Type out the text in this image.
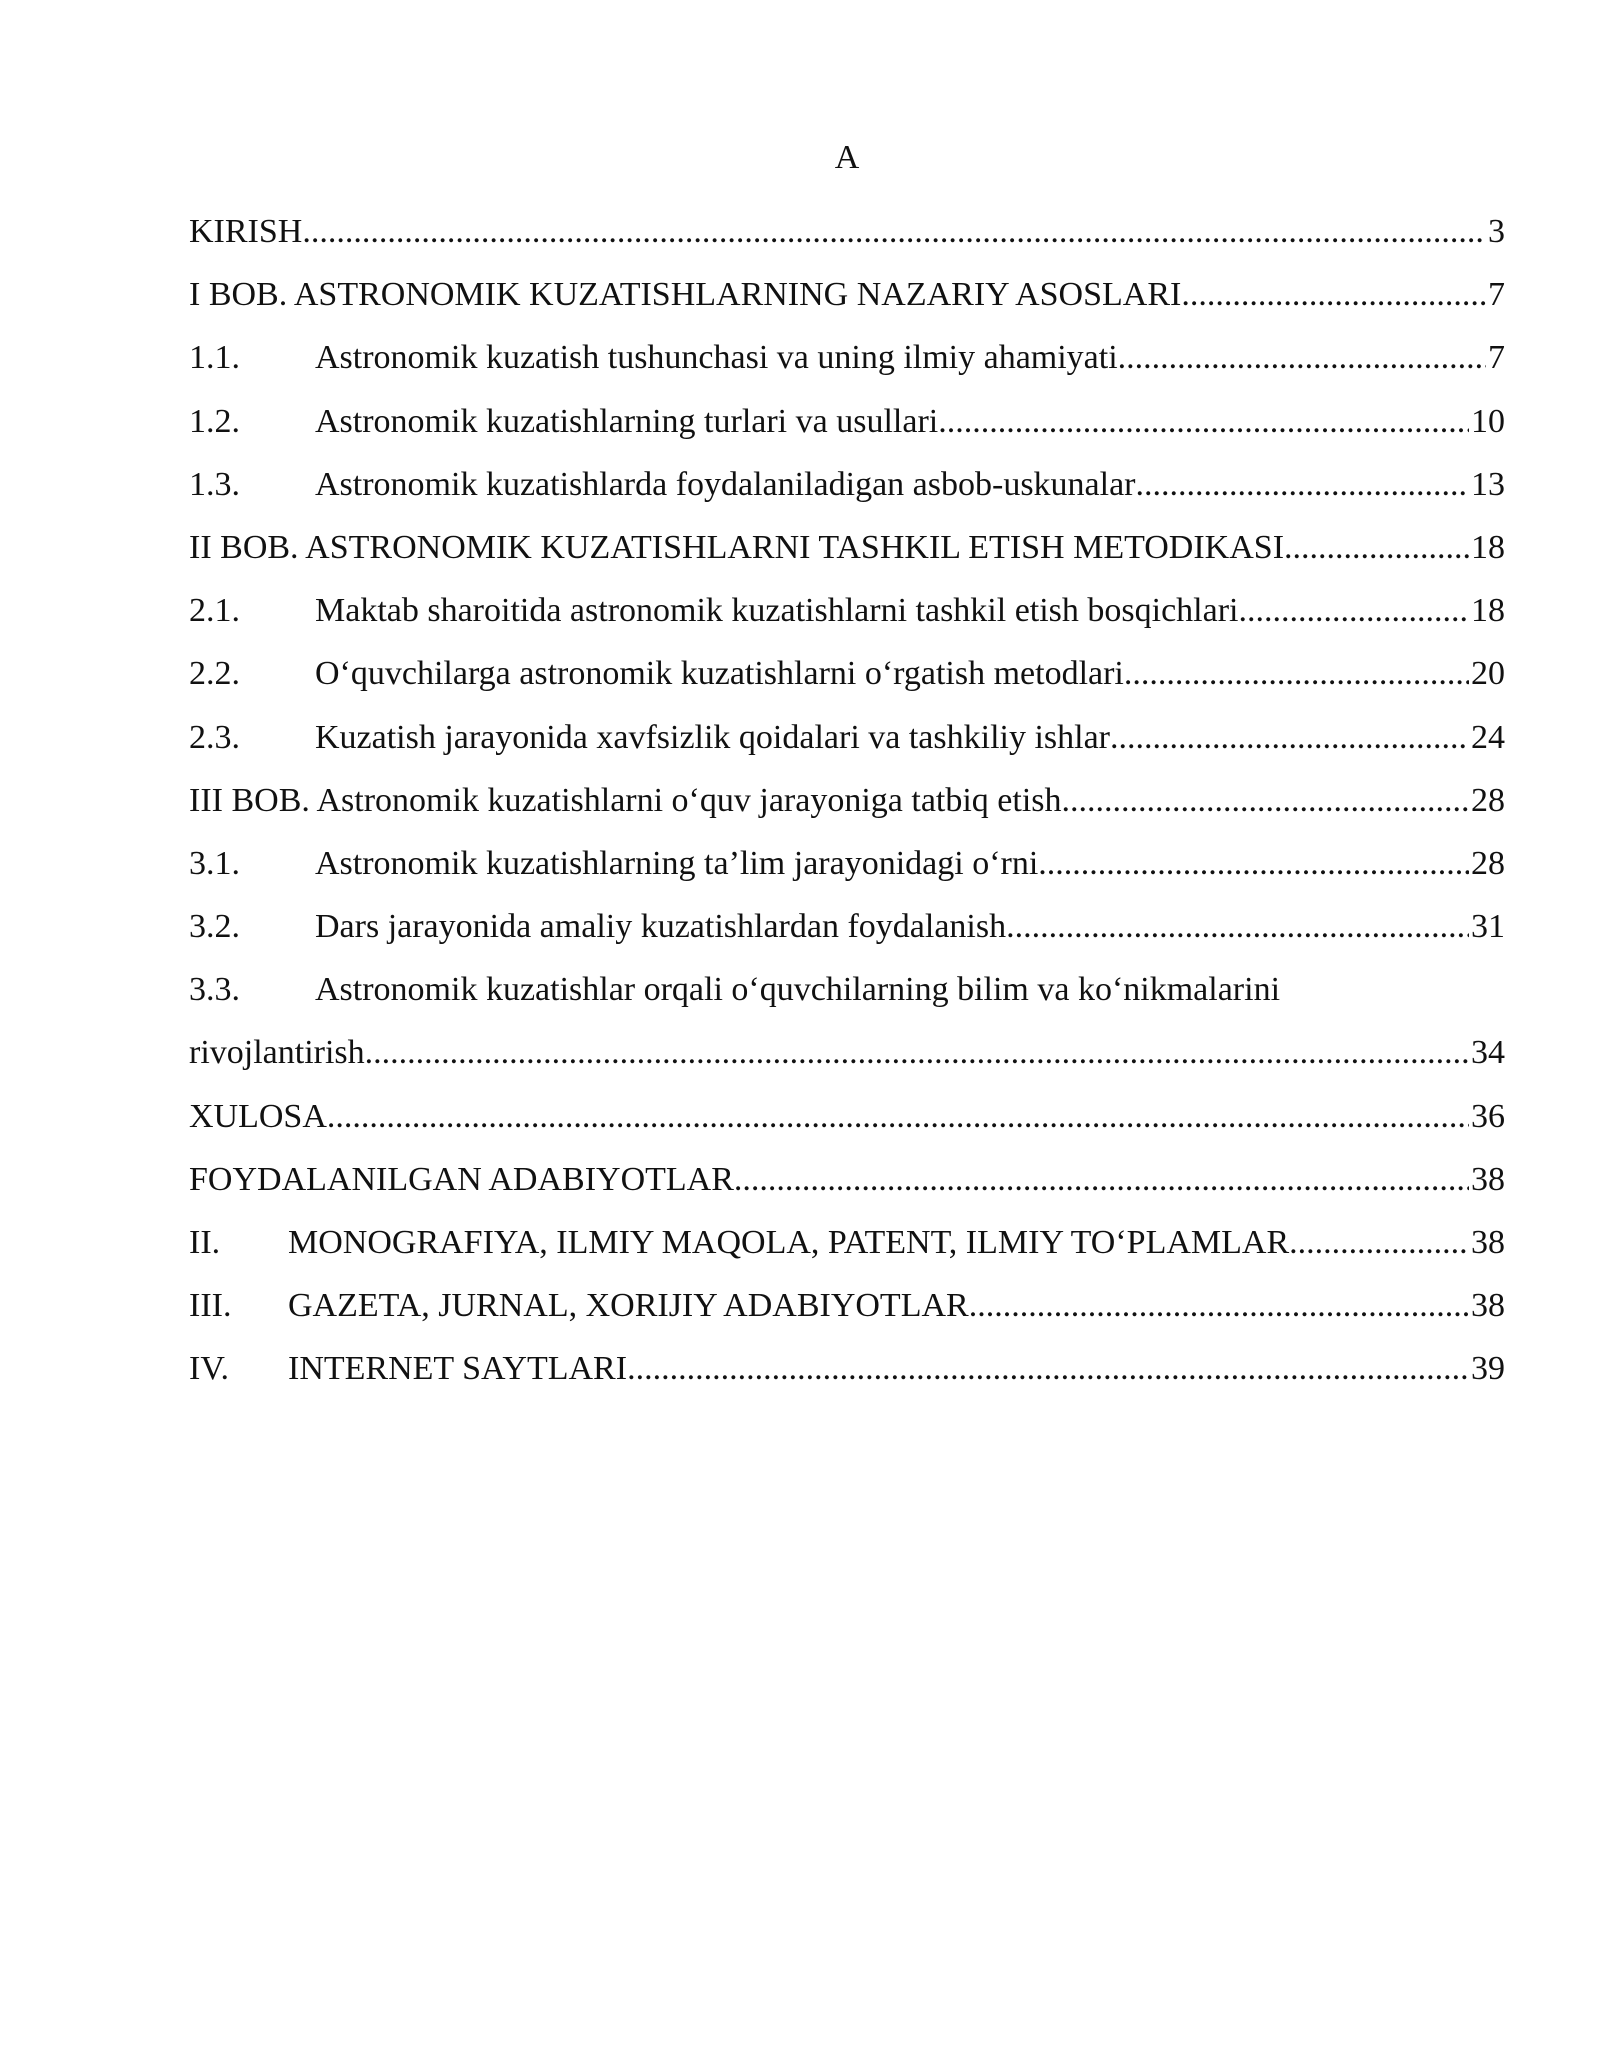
A
KIRISH .....	3
I BOB. ASTRONOMIK KUZATISHLARNING NAZARIY ASOSLARI .....	7
1.1.	Astronomik kuzatish tushunchasi va uning ilmiy ahamiyati .....	7
1.2.	Astronomik kuzatishlarning turlari va usullari .....	10
1.3.	Astronomik kuzatishlarda foydalaniladigan asbob-uskunalar .....	13
II BOB. ASTRONOMIK KUZATISHLARNI TASHKIL ETISH METODIKASI .....	18
2.1.	Maktab sharoitida astronomik kuzatishlarni tashkil etish bosqichlari .....	18
2.2.	O‘quvchilarga astronomik kuzatishlarni o‘rgatish metodlari .....	20
2.3.	Kuzatish jarayonida xavfsizlik qoidalari va tashkiliy ishlar .....	24
III BOB. Astronomik kuzatishlarni o‘quv jarayoniga tatbiq etish .....	28
3.1.	Astronomik kuzatishlarning ta’lim jarayonidagi o‘rni .....	28
3.2.	Dars jarayonida amaliy kuzatishlardan foydalanish .....	31
3.3.	Astronomik kuzatishlar orqali o‘quvchilarning bilim va ko‘nikmalarini
rivojlantirish .....	34
XULOSA .....	36
FOYDALANILGAN ADABIYOTLAR .....	38
II.	MONOGRAFIYA, ILMIY MAQOLA, PATENT, ILMIY TO‘PLAMLAR .....	38
III.	GAZETA, JURNAL, XORIJIY ADABIYOTLAR .....	38
IV.	INTERNET SAYTLARI .....	39
